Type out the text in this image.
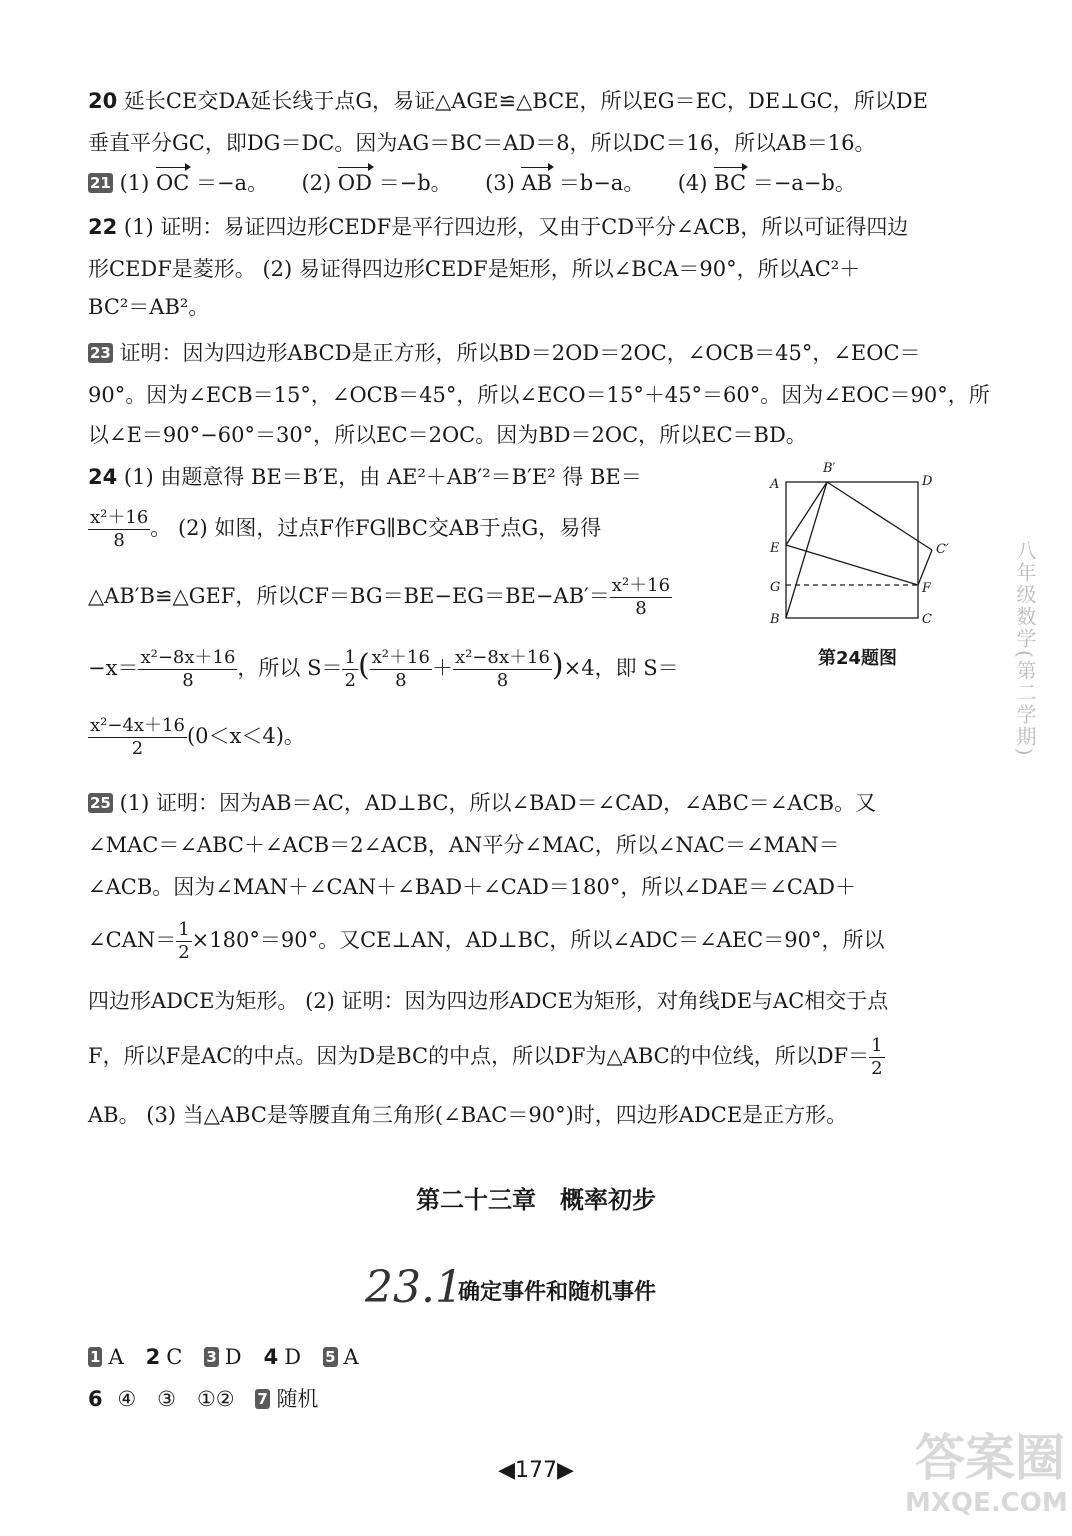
20 延长CE交DA延长线于点G，易证△AGE≌△BCE，所以EG＝EC，DE⊥GC，所以DE
垂直平分GC，即DG＝DC。因为AG＝BC＝AD＝8，所以DC＝16，所以AB＝16。
21 (1) OC ＝−a。 (2) OD ＝−b。 (3) AB ＝b−a。 (4) BC ＝−a−b。
22 (1) 证明：易证四边形CEDF是平行四边形，又由于CD平分∠ACB，所以可证得四边
形CEDF是菱形。 (2) 易证得四边形CEDF是矩形，所以∠BCA＝90°，所以AC²＋
BC²＝AB²。
23 证明：因为四边形ABCD是正方形，所以BD＝2OD＝2OC，∠OCB＝45°，∠EOC＝
90°。因为∠ECB＝15°，∠OCB＝45°，所以∠ECO＝15°＋45°＝60°。因为∠EOC＝90°，所
以∠E＝90°−60°＝30°，所以EC＝2OC。因为BD＝2OC，所以EC＝BD。
24 (1) 由题意得 BE＝B′E，由 AE²＋AB′²＝B′E² 得 BE＝
$\frac{\text{x²＋16}}{8}$ 。 (2) 如图，过点F作FG∥BC交AB于点G，易得
△AB′B≌△GEF，所以$CF=BG=BE-EG=BE-AB'= \frac{\text{x²＋16}}{8}$
$-x= \frac{\text{x²−8x＋16}}{8}$ ，所以 $S= \frac{1}{2}$ ( $\frac{\text{x²＋16}}{8} + \frac{\text{x²−8x＋16}}{8} )\times 4$，即 S＝
$\frac{\text{x²−4x＋16}}{2} (0<x<4)$。
A
B′
D
E	C′
G	F
B	C
第24题图
25 (1) 证明：因为AB＝AC，AD⊥BC，所以∠BAD＝∠CAD，∠ABC＝∠ACB。又
∠MAC＝∠ABC＋∠ACB＝2∠ACB，AN平分∠MAC，所以∠NAC＝∠MAN＝
∠ACB。因为∠MAN＋∠CAN＋∠BAD＋∠CAD＝180°，所以∠DAE＝∠CAD＋
∠CAN＝ $\frac{1}{2} \times 180^\circ=90^\circ$。又CE⊥AN，AD⊥BC，所以∠ADC＝∠AEC＝90°，所以
四边形ADCE为矩形。 (2) 证明：因为四边形ADCE为矩形，对角线DE与AC相交于点
F，所以F是AC的中点。因为D是BC的中点，所以DF为△ABC的中位线，所以$DF= \frac{1}{2}$
AB。 (3) 当△ABC是等腰直角三角形(∠BAC＝90°)时，四边形ADCE是正方形。
第二十三章　概率初步
23.1
确定事件和随机事件
1 A 2 C 3 D 4 D 5 A
6 ④　③　①② 7 随机
八年级数学(第二学期)
◀177▶	答案圈
MXQE.COM
